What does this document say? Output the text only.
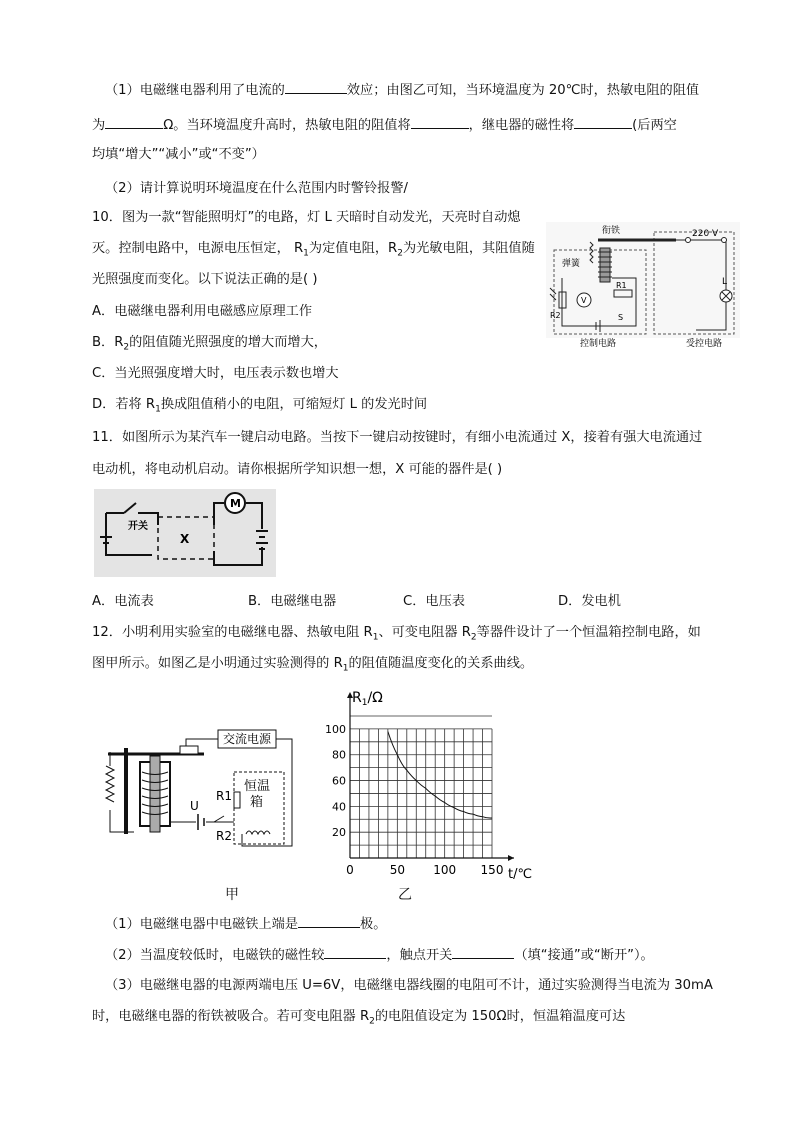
（1）电磁继电器利用了电流的	效应；由图乙可知，当环境温度为 20℃时，热敏电阻的阻值
为	Ω。当环境温度升高时，热敏电阻的阻值将	，继电器的磁性将	(后两空
均填“增大”“减小”或“不变”）
（2）请计算说明环境温度在什么范围内时警铃报警/
10．图为一款“智能照明灯”的电路，灯 L 天暗时自动发光，天亮时自动熄
灭。控制电路中，电源电压恒定， $R_1$为定值电阻，$R_2$为光敏电阻，其阻值随
光照强度而变化。以下说法正确的是( )
A．电磁继电器利用电磁感应原理工作
B．$R_2$的阻值随光照强度的增大而增大，
C．当光照强度增大时，电压表示数也增大
D．若将 $R_1$换成阻值稍小的电阻，可缩短灯 L 的发光时间
衔铁
弹簧
R1
R2
V
S
控制电路
220 V
L
受控电路
11．如图所示为某汽车一键启动电路。当按下一键启动按键时，有细小电流通过 X，接着有强大电流通过
电动机，将电动机启动。请你根据所学知识想一想，X 可能的器件是( )
开关
X
M
A．电流表	B．电磁继电器	C．电压表	D．发电机
12．小明利用实验室的电磁继电器、热敏电阻 $R_1$、可变电阻器 $R_2$等器件设计了一个恒温箱控制电路，如
图甲所示。如图乙是小明通过实验测得的 $R_1$的阻值随温度变化的关系曲线。
交流电源
U
恒温
箱
R1
R2
甲
0	50 100 150
20
40
60
80
100
$R_1/\Omega$
t/℃
乙
（1）电磁继电器中电磁铁上端是	极。
（2）当温度较低时，电磁铁的磁性较	，触点开关	（填“接通”或“断开”）。
（3）电磁继电器的电源两端电压 U=6V，电磁继电器线圈的电阻可不计，通过实验测得当电流为 30mA
时，电磁继电器的衔铁被吸合。若可变电阻器 $R_2$的电阻值设定为 150Ω时，恒温箱温度可达
